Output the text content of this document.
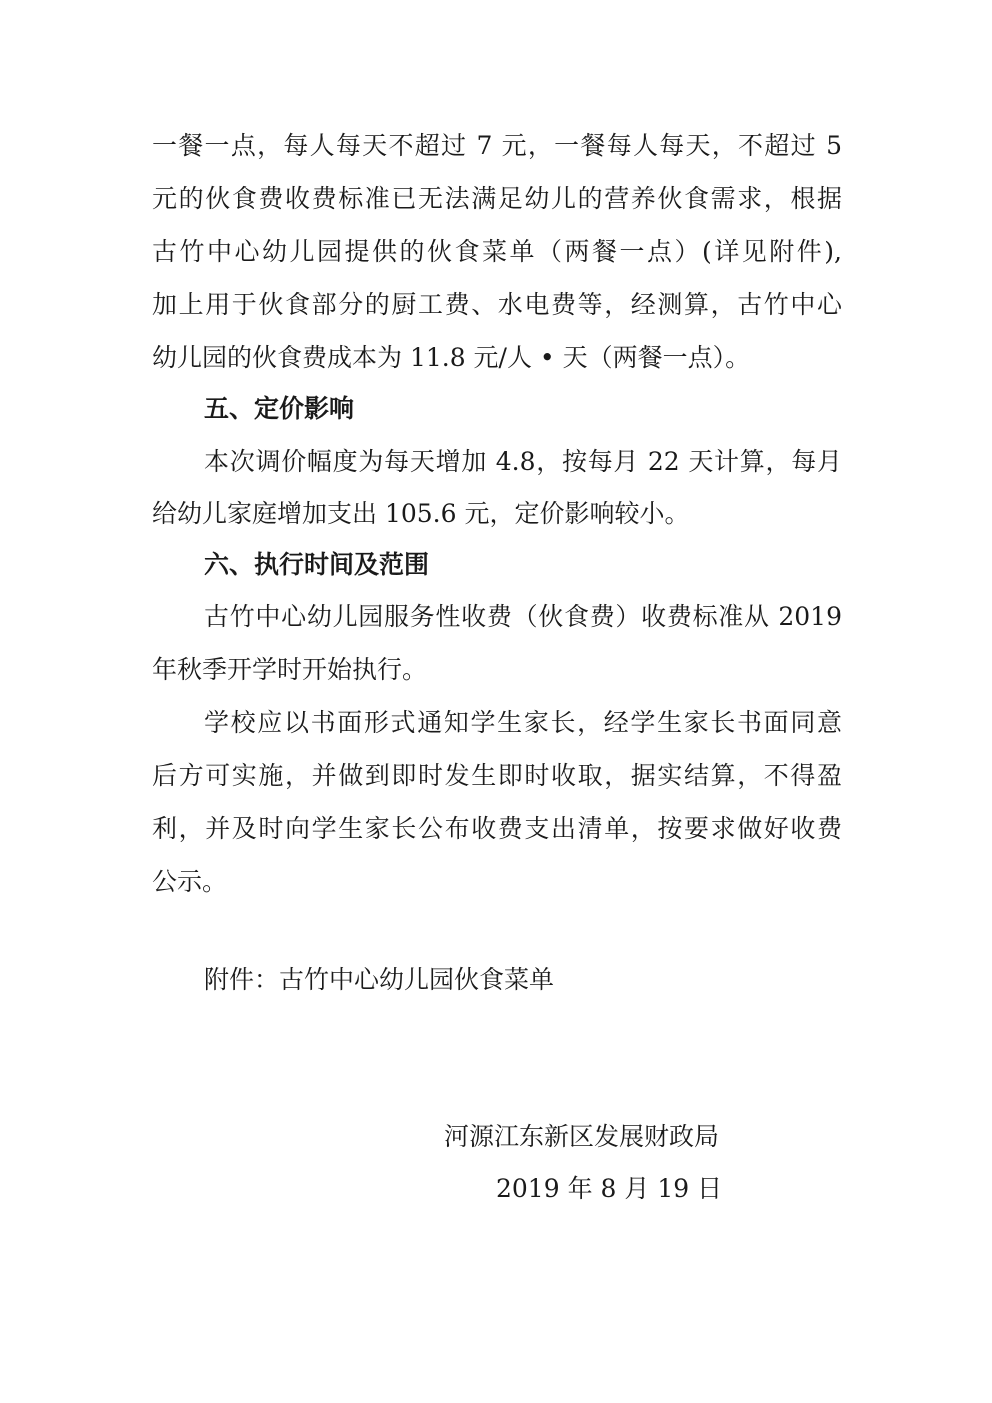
一餐一点，每人每天不超过 7 元，一餐每人每天，不超过 5
元的伙食费收费标准已无法满足幼儿的营养伙食需求，根据
古竹中心幼儿园提供的伙食菜单（两餐一点）(详见附件),
加上用于伙食部分的厨工费、水电费等，经测算，古竹中心
幼儿园的伙食费成本为 11.8 元/人 • 天（两餐一点）。
五、定价影响
本次调价幅度为每天增加 4.8，按每月 22 天计算，每月
给幼儿家庭增加支出 105.6 元，定价影响较小。
六、执行时间及范围
古竹中心幼儿园服务性收费（伙食费）收费标准从 2019
年秋季开学时开始执行。
学校应以书面形式通知学生家长，经学生家长书面同意
后方可实施，并做到即时发生即时收取，据实结算，不得盈
利，并及时向学生家长公布收费支出清单，按要求做好收费
公示。
附件：古竹中心幼儿园伙食菜单
河源江东新区发展财政局
2019 年 8 月 19 日
